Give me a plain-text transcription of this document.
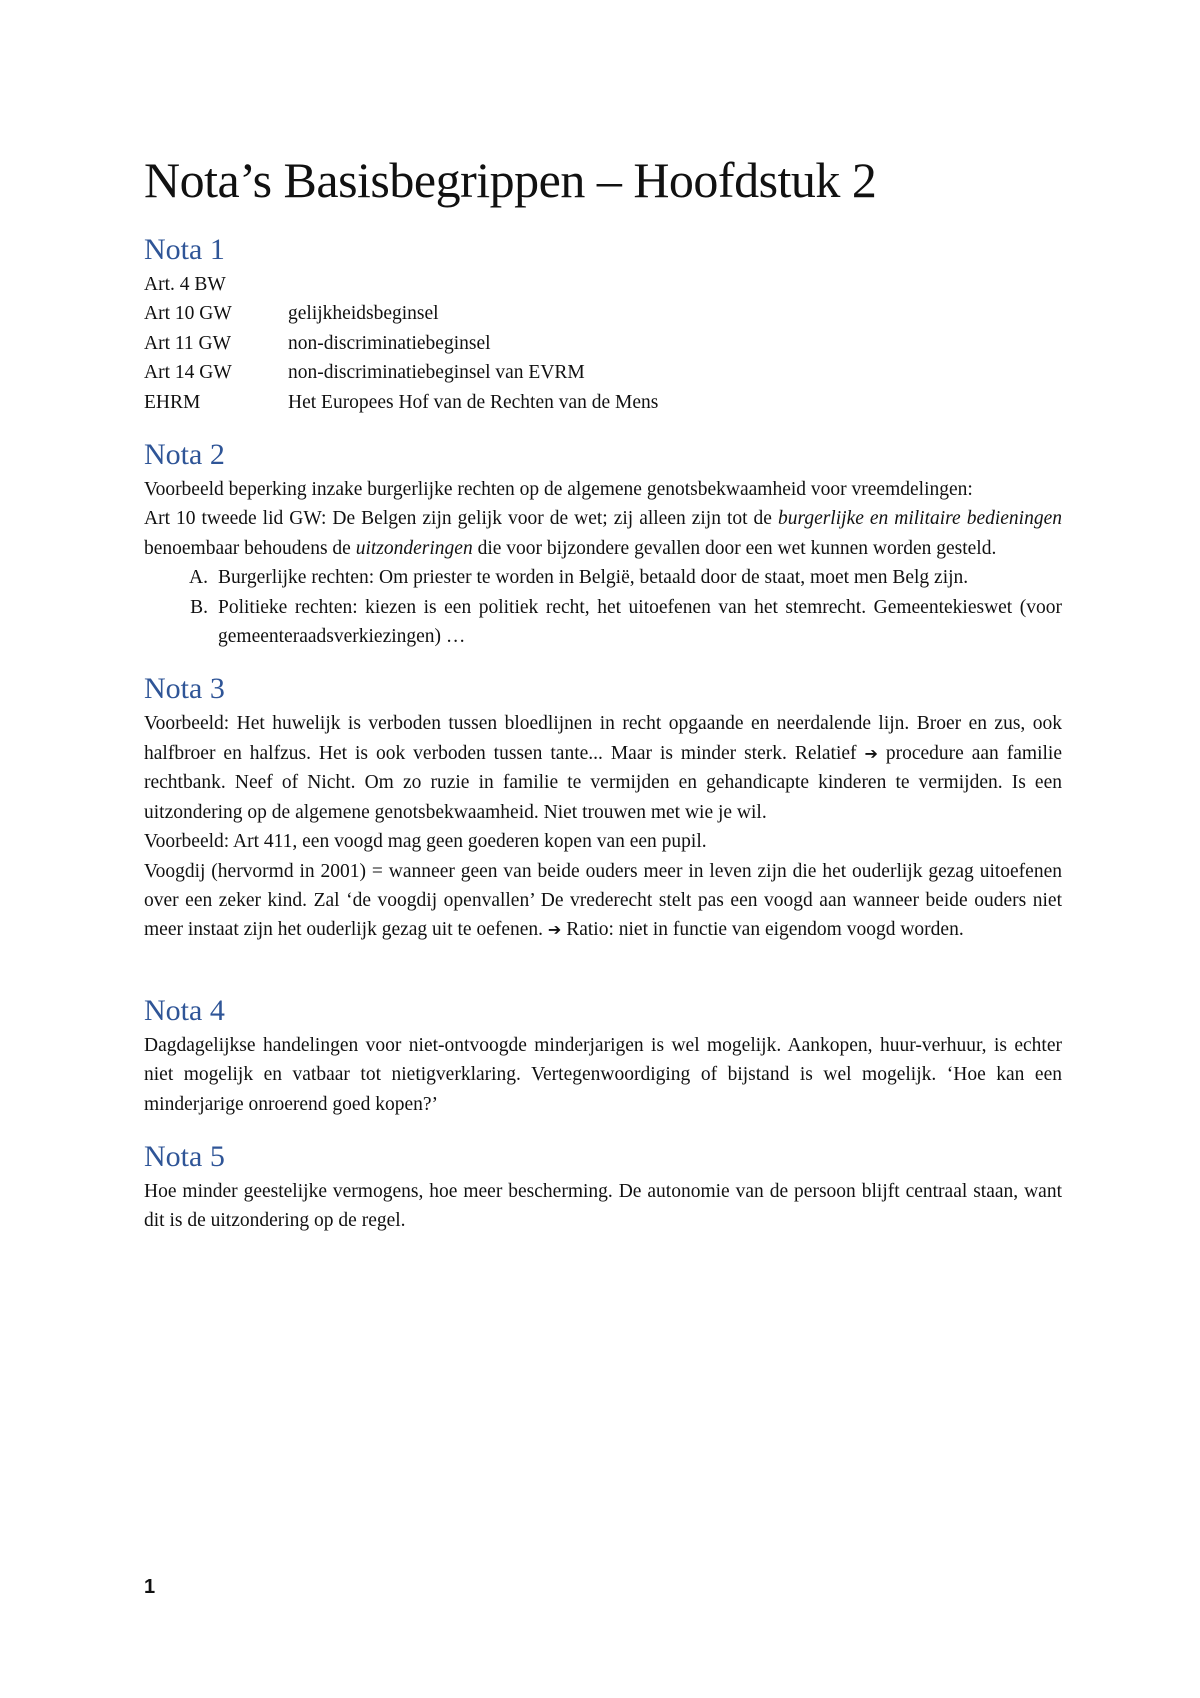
Nota’s Basisbegrippen – Hoofdstuk 2
Nota 1
Art. 4 BW
Art 10 GW	gelijkheidsbeginsel
Art 11 GW	non-discriminatiebeginsel
Art 14 GW	non-discriminatiebeginsel van EVRM
EHRM	Het Europees Hof van de Rechten van de Mens
Nota 2

Voorbeeld beperking inzake burgerlijke rechten op de algemene genotsbekwaamheid voor vreemdelingen:

Art 10 tweede lid GW: De Belgen zijn gelijk voor de wet; zij alleen zijn tot de burgerlijke en militaire bedieningen benoembaar behoudens de uitzonderingen die voor bijzondere gevallen door een wet kunnen worden gesteld.

A. Burgerlijke rechten: Om priester te worden in België, betaald door de staat, moet men Belg zijn.
B. Politieke rechten: kiezen is een politiek recht, het uitoefenen van het stemrecht. Gemeentekieswet (voor gemeenteraadsverkiezingen) …
Nota 3

Voorbeeld: Het huwelijk is verboden tussen bloedlijnen in recht opgaande en neerdalende lijn. Broer en zus, ook halfbroer en halfzus. Het is ook verboden tussen tante... Maar is minder sterk. Relatief ➔ procedure aan familie rechtbank. Neef of Nicht. Om zo ruzie in familie te vermijden en gehandicapte kinderen te vermijden. Is een uitzondering op de algemene genotsbekwaamheid. Niet trouwen met wie je wil.

Voorbeeld: Art 411, een voogd mag geen goederen kopen van een pupil.

Voogdij (hervormd in 2001) = wanneer geen van beide ouders meer in leven zijn die het ouderlijk gezag uitoefenen over een zeker kind. Zal ‘de voogdij openvallen’ De vrederecht stelt pas een voogd aan wanneer beide ouders niet meer instaat zijn het ouderlijk gezag uit te oefenen. ➔ Ratio: niet in functie van eigendom voogd worden.

Nota 4

Dagdagelijkse handelingen voor niet-ontvoogde minderjarigen is wel mogelijk. Aankopen, huur-verhuur, is echter niet mogelijk en vatbaar tot nietigverklaring. Vertegenwoordiging of bijstand is wel mogelijk. ‘Hoe kan een minderjarige onroerend goed kopen?’

Nota 5

Hoe minder geestelijke vermogens, hoe meer bescherming. De autonomie van de persoon blijft centraal staan, want dit is de uitzondering op de regel.

1
